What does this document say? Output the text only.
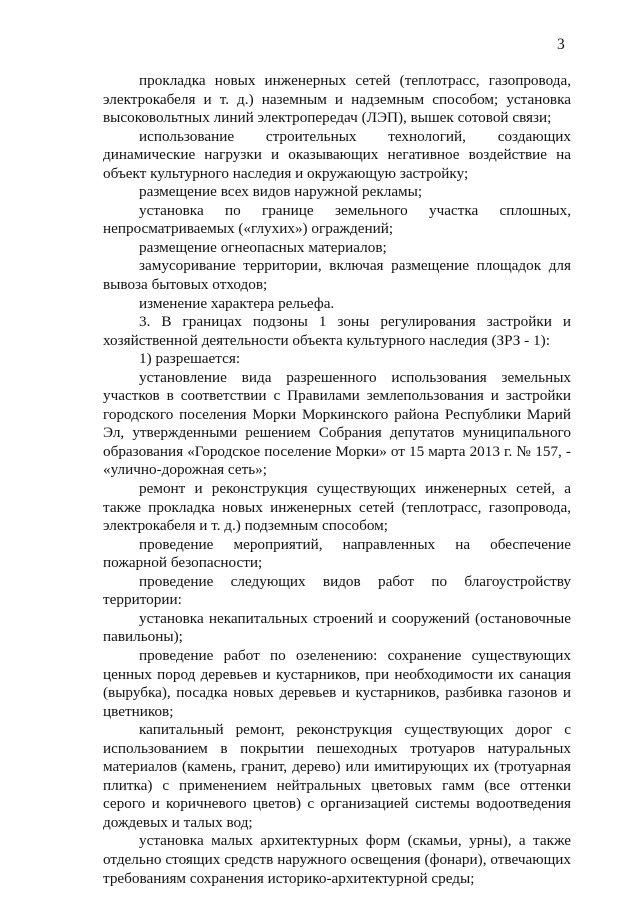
3

прокладка новых инженерных сетей (теплотрасс, газопровода, электрокабеля и т. д.) наземным и надземным способом; установка высоковольтных линий электропередач (ЛЭП), вышек сотовой связи;

использование строительных технологий, создающих динамические нагрузки и оказывающих негативное воздействие на объект культурного наследия и окружающую застройку;

размещение всех видов наружной рекламы;

установка по границе земельного участка сплошных, непросматриваемых («глухих») ограждений;

размещение огнеопасных материалов;

замусоривание территории, включая размещение площадок для вывоза бытовых отходов;

изменение характера рельефа.

3. В границах подзоны 1 зоны регулирования застройки и хозяйственной деятельности объекта культурного наследия (ЗРЗ - 1):

1) разрешается:

установление вида разрешенного использования земельных участков в соответствии с Правилами землепользования и застройки городского поселения Морки Моркинского района Республики Марий Эл, утвержденными решением Собрания депутатов муниципального образования «Городское поселение Морки» от 15 марта 2013 г. № 157, - «улично-дорожная сеть»;

ремонт и реконструкция существующих инженерных сетей, а также прокладка новых инженерных сетей (теплотрасс, газопровода, электрокабеля и т. д.) подземным способом;

проведение мероприятий, направленных на обеспечение пожарной безопасности;

проведение следующих видов работ по благоустройству территории:

установка некапитальных строений и сооружений (остановочные павильоны);

проведение работ по озеленению: сохранение существующих ценных пород деревьев и кустарников, при необходимости их санация (вырубка), посадка новых деревьев и кустарников, разбивка газонов и цветников;

капитальный ремонт, реконструкция существующих дорог с использованием в покрытии пешеходных тротуаров натуральных материалов (камень, гранит, дерево) или имитирующих их (тротуарная плитка) с применением нейтральных цветовых гамм (все оттенки серого и коричневого цветов) с организацией системы водоотведения дождевых и талых вод;

установка малых архитектурных форм (скамьи, урны), а также отдельно стоящих средств наружного освещения (фонари), отвечающих требованиям сохранения историко-архитектурной среды;
